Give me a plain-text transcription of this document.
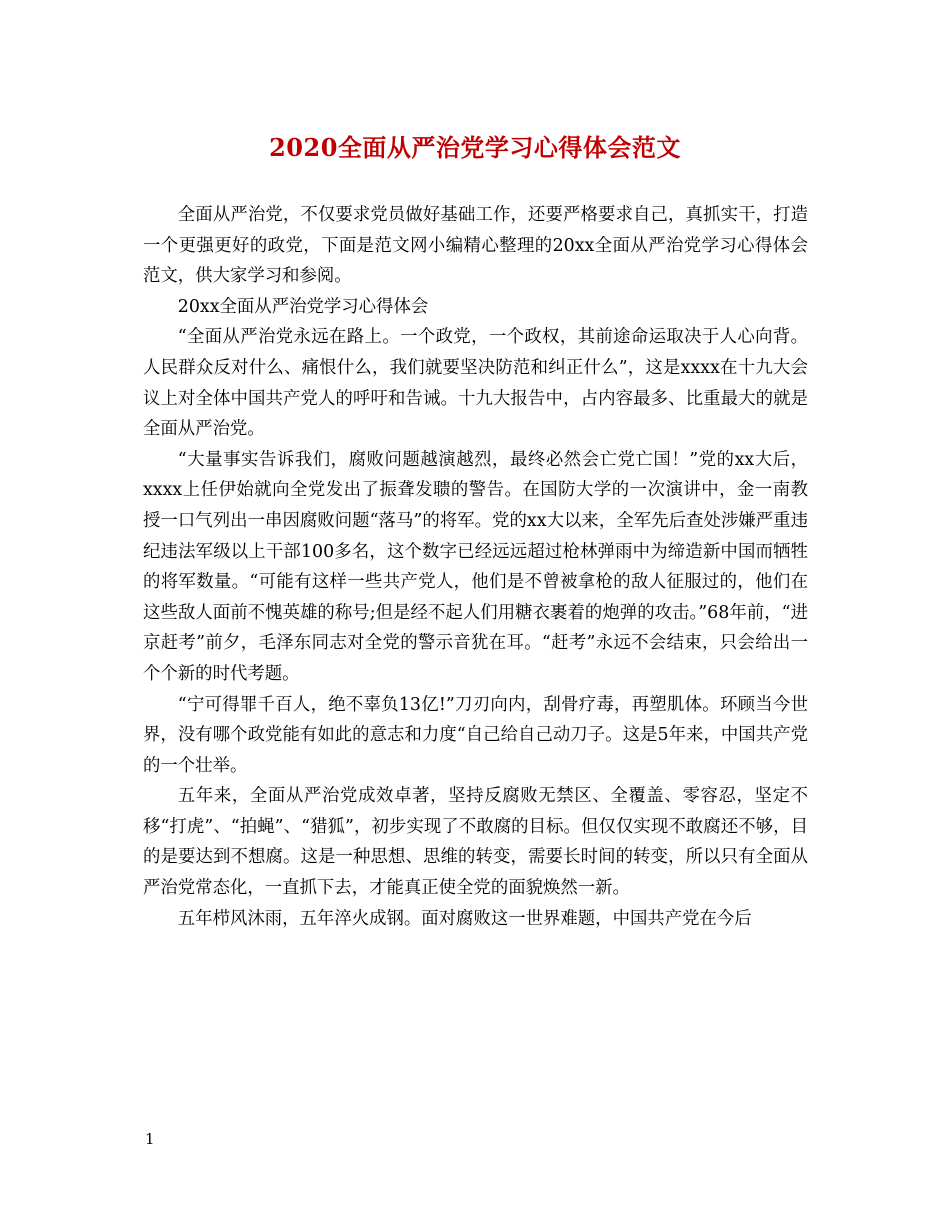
2020全面从严治党学习心得体会范文

全面从严治党，不仅要求党员做好基础工作，还要严格要求自己，真抓实干，打造一个更强更好的政党，下面是范文网小编精心整理的20xx全面从严治党学习心得体会范文，供大家学习和参阅。

20xx全面从严治党学习心得体会

“全面从严治党永远在路上。一个政党，一个政权，其前途命运取决于人心向背。人民群众反对什么、痛恨什么，我们就要坚决防范和纠正什么”，这是xxxx在十九大会议上对全体中国共产党人的呼吁和告诫。十九大报告中，占内容最多、比重最大的就是全面从严治党。

“大量事实告诉我们，腐败问题越演越烈，最终必然会亡党亡国！”党的xx大后，xxxx上任伊始就向全党发出了振聋发聩的警告。在国防大学的一次演讲中，金一南教授一口气列出一串因腐败问题“落马”的将军。党的xx大以来，全军先后查处涉嫌严重违纪违法军级以上干部100多名，这个数字已经远远超过枪林弹雨中为缔造新中国而牺牲的将军数量。“可能有这样一些共产党人，他们是不曾被拿枪的敌人征服过的，他们在这些敌人面前不愧英雄的称号;但是经不起人们用糖衣裹着的炮弹的攻击。”68年前，“进京赶考”前夕，毛泽东同志对全党的警示音犹在耳。“赶考”永远不会结束，只会给出一个个新的时代考题。

“宁可得罪千百人，绝不辜负13亿!”刀刃向内，刮骨疗毒，再塑肌体。环顾当今世界，没有哪个政党能有如此的意志和力度“自己给自己动刀子。这是5年来，中国共产党的一个壮举。

五年来，全面从严治党成效卓著，坚持反腐败无禁区、全覆盖、零容忍，坚定不移“打虎”、“拍蝇”、“猎狐”，初步实现了不敢腐的目标。但仅仅实现不敢腐还不够，目的是要达到不想腐。这是一种思想、思维的转变，需要长时间的转变，所以只有全面从严治党常态化，一直抓下去，才能真正使全党的面貌焕然一新。

五年栉风沐雨，五年淬火成钢。面对腐败这一世界难题，中国共产党在今后

1
